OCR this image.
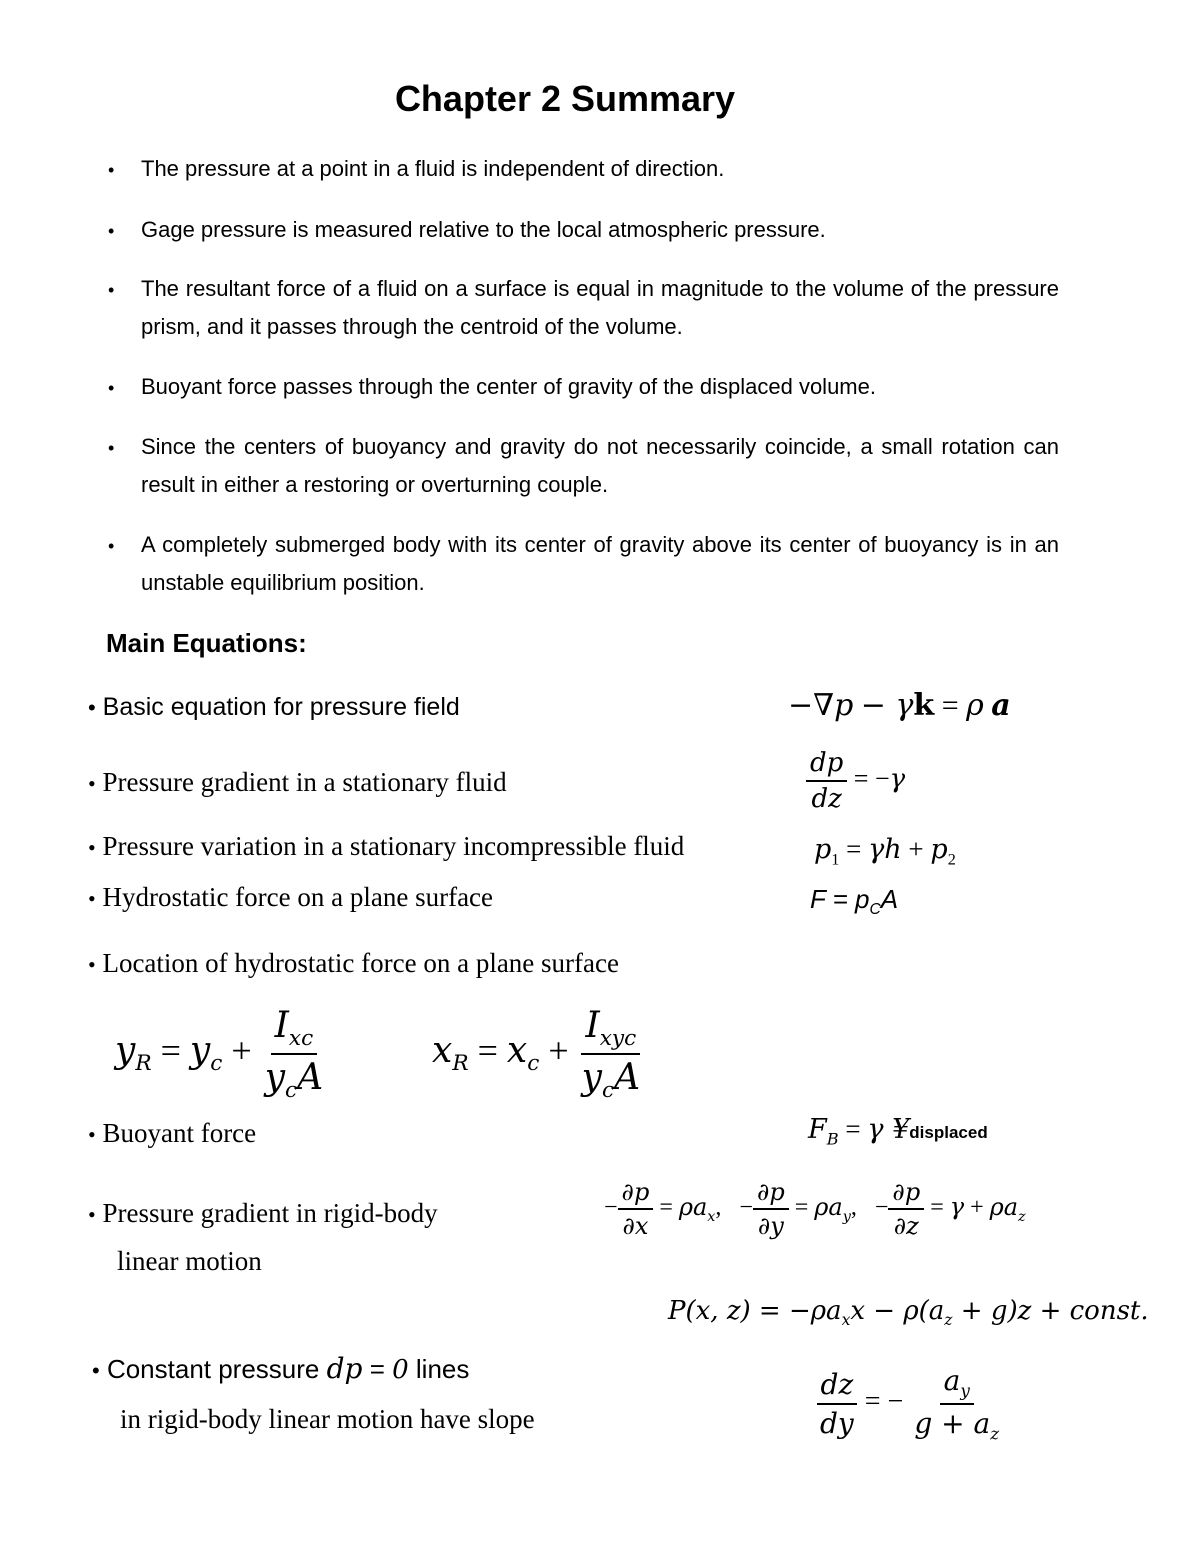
Chapter 2 Summary
• The pressure at a point in a fluid is independent of direction.
• Gage pressure is measured relative to the local atmospheric pressure.
• The resultant force of a fluid on a surface is equal in magnitude to the volume of the pressure prism, and it passes through the centroid of the volume.
• Buoyant force passes through the center of gravity of the displaced volume.
• Since the centers of buoyancy and gravity do not necessarily coincide, a small rotation can result in either a restoring or overturning couple.
• A completely submerged body with its center of gravity above its center of buoyancy is in an unstable equilibrium position.
Main Equations:
• Basic equation for pressure field	−∇p − γk = ρ a
• Pressure gradient in a stationary fluid	$\frac{dp}{dz} = -\gamma$
• Pressure variation in a stationary incompressible fluid	$p_1 = \gamma h + p_2$
• Hydrostatic force on a plane surface	$F = p_CA$
• Location of hydrostatic force on a plane surface
$y_R = y_c + \frac{I_{xc}}{y_cA}$	$x_R = x_c + \frac{I_{xyc}}{y_cA}$
• Buoyant force	$F_B = \gamma$ ¥displaced
• Pressure gradient in rigid-body
linear motion
− $\frac{\partial p}{\partial x} = \rho a_x$,   − $\frac{\partial p}{\partial y} = \rho a_y$,   − $\frac{\partial p}{\partial z} = \gamma + \rho a_z$
P(x, $z) = -\rho a_xx - \rho(a_z + g)z$ + const.
• Constant pressure dp = 0 lines
in rigid-body linear motion have slope	$\frac{dz}{dy}$ = − $\frac{a_y}{g + a_z}$
